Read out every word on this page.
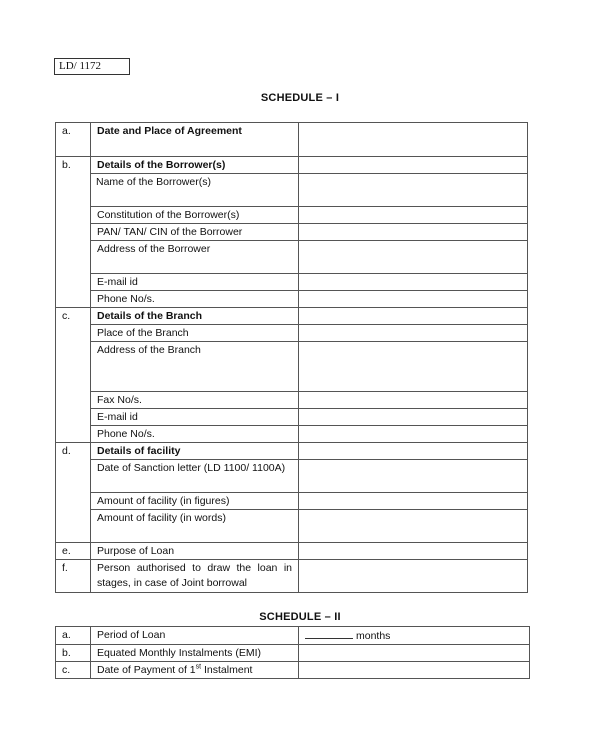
LD/ 1172
SCHEDULE – I
a.	Date and Place of Agreement	
b.	Details of the Borrower(s)	
	Name of the Borrower(s)	
	Constitution of the Borrower(s)	
	PAN/ TAN/ CIN of the Borrower	
	Address of the Borrower	
	E-mail id	
	Phone No/s.	
c.	Details of the Branch	
	Place of the Branch	
	Address of the Branch	
	Fax No/s.	
	E-mail id	
	Phone No/s.	
d.	Details of facility	
	Date of Sanction letter (LD 1100/ 1100A)	
	Amount of facility (in figures)	
	Amount of facility (in words)	
e.	Purpose of Loan	
f.	Person authorised to draw the loan in stages, in case of Joint borrowal	
SCHEDULE – II
a.	Period of Loan	months
b.	Equated Monthly Instalments (EMI)	
c.	Date of Payment of 1st Instalment	
